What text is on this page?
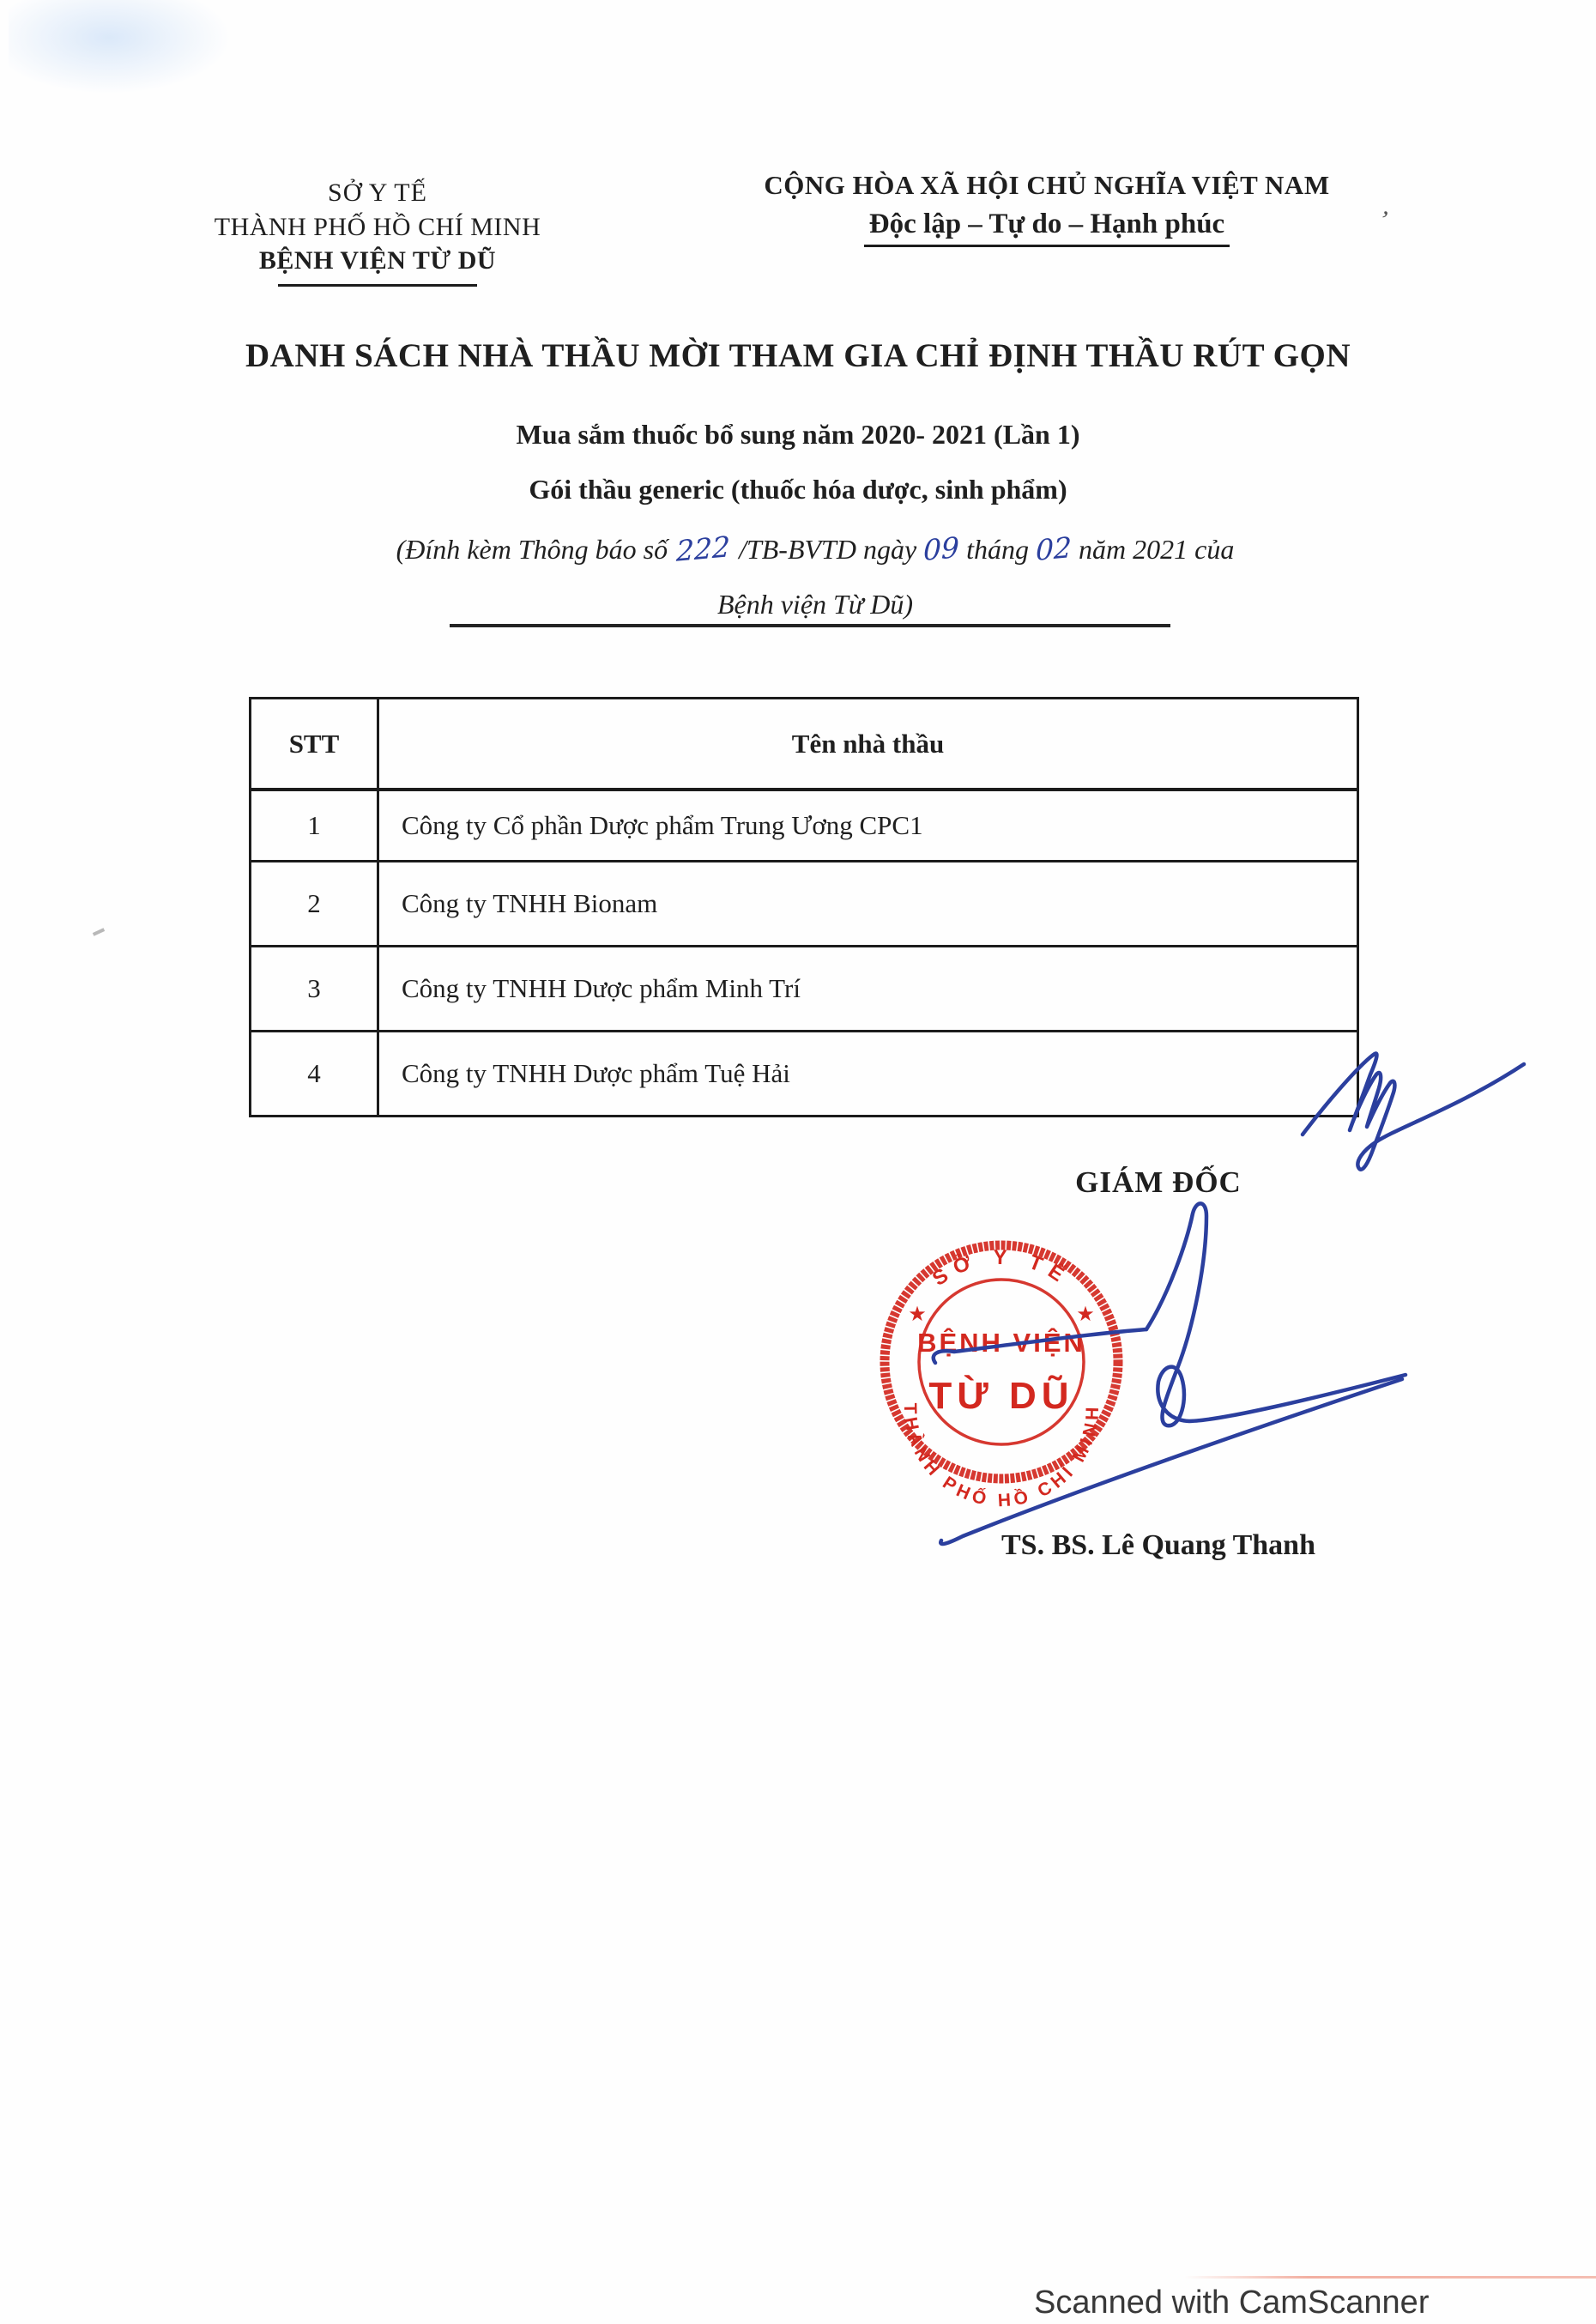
SỞ Y TẾ
THÀNH PHỐ HỒ CHÍ MINH
BỆNH VIỆN TỪ DŨ
CỘNG HÒA XÃ HỘI CHỦ NGHĨA VIỆT NAM
Độc lập – Tự do – Hạnh phúc	’
DANH SÁCH NHÀ THẦU MỜI THAM GIA CHỈ ĐỊNH THẦU RÚT GỌN
Mua sắm thuốc bổ sung năm 2020- 2021 (Lần 1)
Gói thầu generic (thuốc hóa dược, sinh phẩm)
(Đính kèm Thông báo số 222 /TB-BVTD ngày 09 tháng 02 năm 2021 của
Bệnh viện Từ Dũ)
STT	Tên nhà thầu
1	Công ty Cổ phần Dược phẩm Trung Ương CPC1
2	Công ty TNHH Bionam
3	Công ty TNHH Dược phẩm Minh Trí
4	Công ty TNHH Dược phẩm Tuệ Hải
GIÁM ĐỐC
SỞ Y TẾ
THÀNH PHỐ HỒ CHÍ MINH
★	★
BỆNH VIỆN
TỪ DŨ
TS. BS. Lê Quang Thanh
Scanned with CamScanner
